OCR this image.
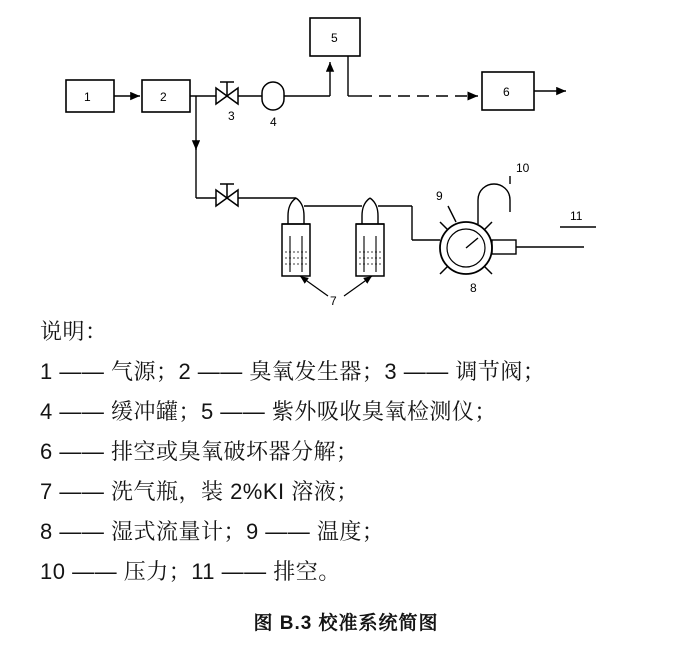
1	2
3	4
5
6
7
8
9
10
11
说明：
1 —— 气源；2 —— 臭氧发生器；3 —— 调节阀；
4 —— 缓冲罐；5 —— 紫外吸收臭氧检测仪；
6 —— 排空或臭氧破坏器分解；
7 —— 洗气瓶，装 2%KI 溶液；
8 —— 湿式流量计；9 —— 温度；
10 —— 压力；11 —— 排空。
图 B.3 校准系统简图
